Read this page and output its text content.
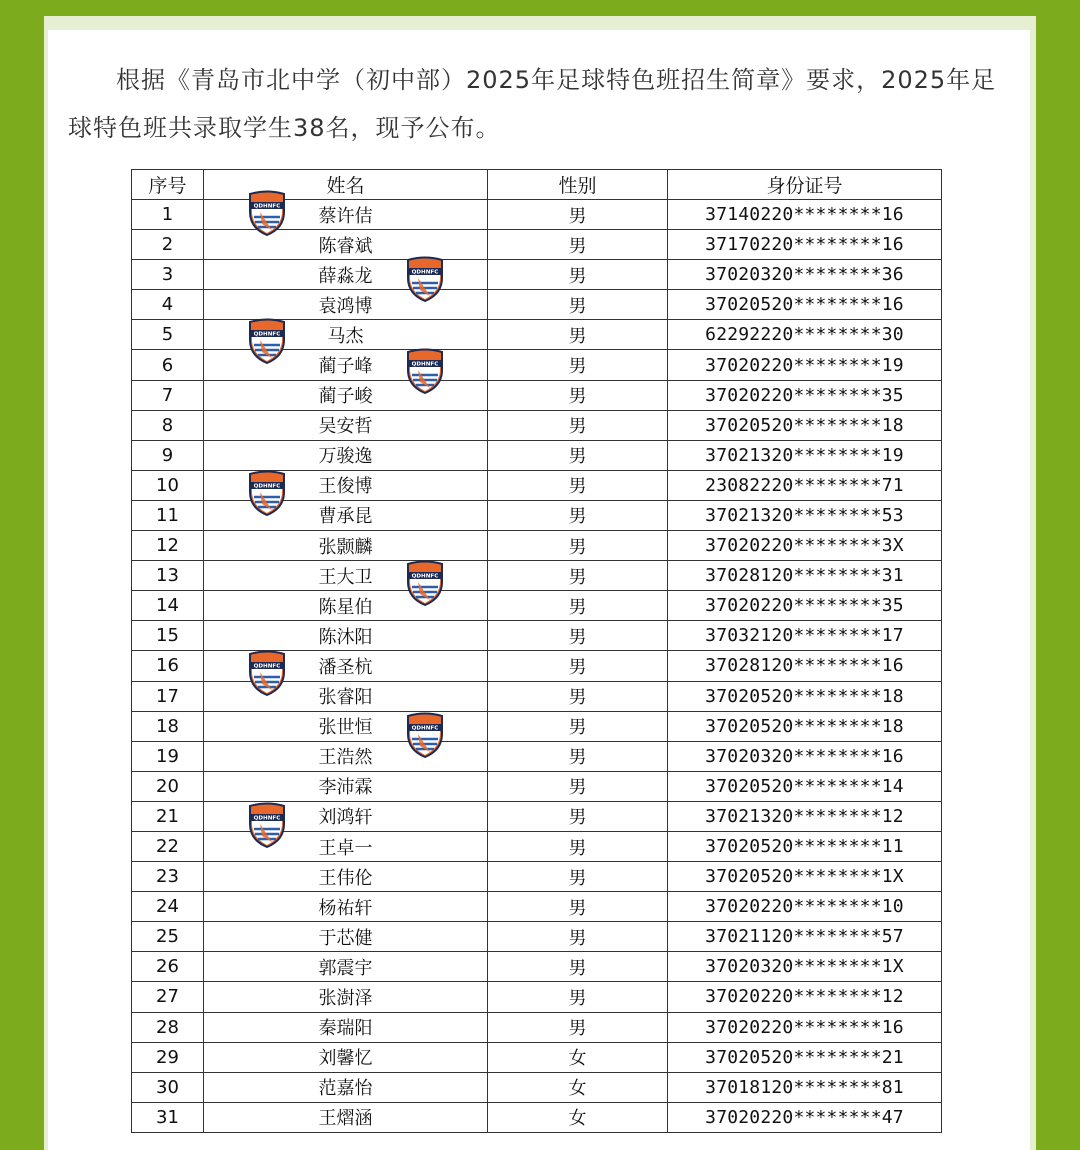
根据《青岛市北中学（初中部）2025年足球特色班招生简章》要求，2025年足球特色班共录取学生38名，现予公布。

序号	姓名	性别	身份证号
1	蔡许佶	男	37140220********16
2	陈睿斌	男	37170220********16
3	薛淼龙	男	37020320********36
4	袁鸿博	男	37020520********16
5	马杰	男	62292220********30
6	蔺子峰	男	37020220********19
7	蔺子峻	男	37020220********35
8	吴安哲	男	37020520********18
9	万骏逸	男	37021320********19
10	王俊博	男	23082220********71
11	曹承昆	男	37021320********53
12	张颢麟	男	37020220********3X
13	王大卫	男	37028120********31
14	陈星伯	男	37020220********35
15	陈沐阳	男	37032120********17
16	潘圣杭	男	37028120********16
17	张睿阳	男	37020520********18
18	张世恒	男	37020520********18
19	王浩然	男	37020320********16
20	李沛霖	男	37020520********14
21	刘鸿轩	男	37021320********12
22	王卓一	男	37020520********11
23	王伟伦	男	37020520********1X
24	杨祐轩	男	37020220********10
25	于芯健	男	37021120********57
26	郭震宇	男	37020320********1X
27	张澍泽	男	37020220********12
28	秦瑞阳	男	37020220********16
29	刘馨忆	女	37020520********21
30	范嘉怡	女	37018120********81
31	王熠涵	女	37020220********47
QDHNFC
QDHNFC
QDHNFC
QDHNFC
QDHNFC
QDHNFC
QDHNFC
QDHNFC
QDHNFC
